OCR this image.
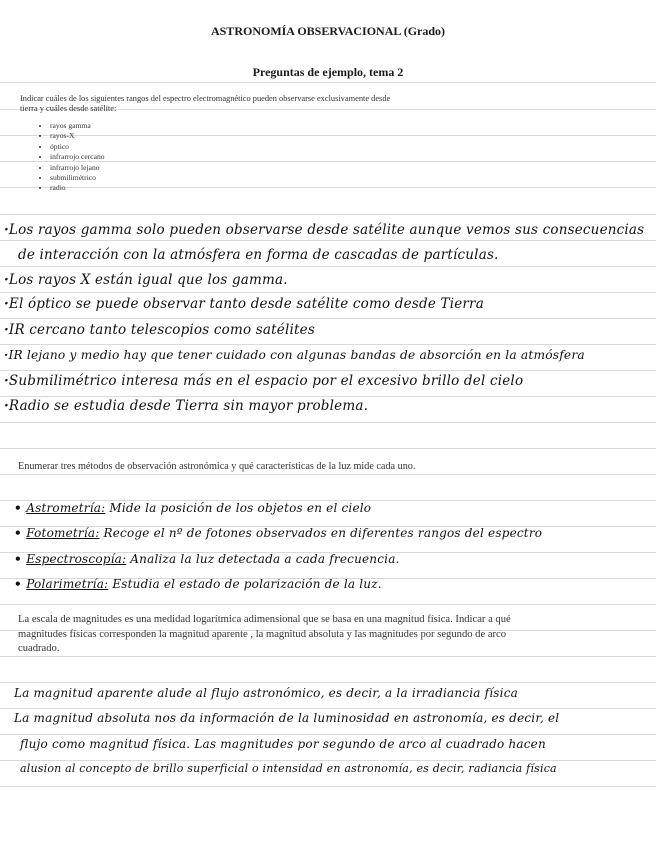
ASTRONOMÍA OBSERVACIONAL (Grado)
Preguntas de ejemplo, tema 2
Indicar cuáles de los siguientes rangos del espectro electromagnético pueden observarse exclusivamente desde tierra y cuáles desde satélite:
• rayos gamma
• rayos-X
• óptico
• infrarrojo cercano
• infrarrojo lejano
• submilimétrico
• radio
·Los rayos gamma solo pueden observarse desde satélite aunque vemos sus consecuencias
de interacción con la atmósfera en forma de cascadas de partículas.
·Los rayos X están igual que los gamma.
·El óptico se puede observar tanto desde satélite como desde Tierra
·IR cercano tanto telescopios como satélites
·IR lejano y medio hay que tener cuidado con algunas bandas de absorción en la atmósfera
·Submilimétrico interesa más en el espacio por el excesivo brillo del cielo
·Radio se estudia desde Tierra sin mayor problema.
Enumerar tres métodos de observación astronómica y qué características de la luz mide cada uno.
• Astrometría: Mide la posición de los objetos en el cielo
• Fotometría: Recoge el nº de fotones observados en diferentes rangos del espectro
• Espectroscopía: Analiza la luz detectada a cada frecuencia.
• Polarimetría: Estudia el estado de polarización de la luz.
La escala de magnitudes es una medidad logarítmica adimensional que se basa en una magnitud física. Indicar a qué magnitudes físicas corresponden la magnitud aparente , la magnitud absoluta y las magnitudes por segundo de arco cuadrado.
La magnitud aparente alude al flujo astronómico, es decir, a la irradiancia física
La magnitud absoluta nos da información de la luminosidad en astronomía, es decir, el
flujo como magnitud física. Las magnitudes por segundo de arco al cuadrado hacen
alusion al concepto de brillo superficial o intensidad en astronomía, es decir, radiancia física
